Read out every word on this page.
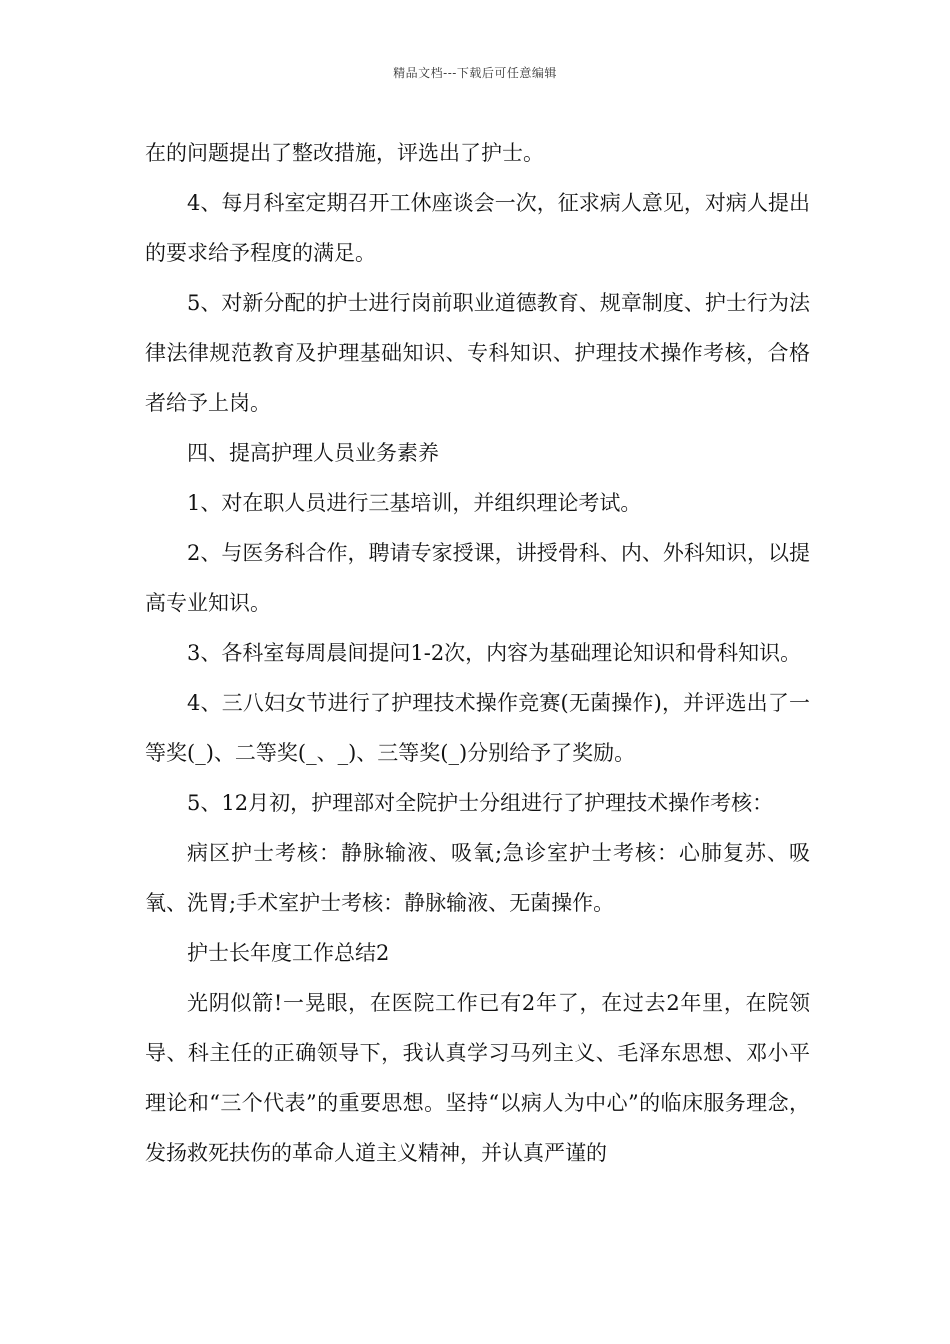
精品文档---下载后可任意编辑

在的问题提出了整改措施，评选出了护士。

4、每月科室定期召开工休座谈会一次，征求病人意见，对病人提出的要求给予程度的满足。

5、对新分配的护士进行岗前职业道德教育、规章制度、护士行为法律法律规范教育及护理基础知识、专科知识、护理技术操作考核，合格者给予上岗。

四、提高护理人员业务素养

1、对在职人员进行三基培训，并组织理论考试。

2、与医务科合作，聘请专家授课，讲授骨科、内、外科知识，以提高专业知识。

3、各科室每周晨间提问1-2次，内容为基础理论知识和骨科知识。

4、三八妇女节进行了护理技术操作竞赛(无菌操作)，并评选出了一等奖(_)、二等奖(_、_)、三等奖(_)分别给予了奖励。

5、12月初，护理部对全院护士分组进行了护理技术操作考核：

病区护士考核：静脉输液、吸氧;急诊室护士考核：心肺复苏、吸氧、洗胃;手术室护士考核：静脉输液、无菌操作。

护士长年度工作总结2

光阴似箭!一晃眼，在医院工作已有2年了，在过去2年里，在院领导、科主任的正确领导下，我认真学习马列主义、毛泽东思想、邓小平理论和“三个代表”的重要思想。坚持“以病人为中心”的临床服务理念，发扬救死扶伤的革命人道主义精神，并认真严谨的
